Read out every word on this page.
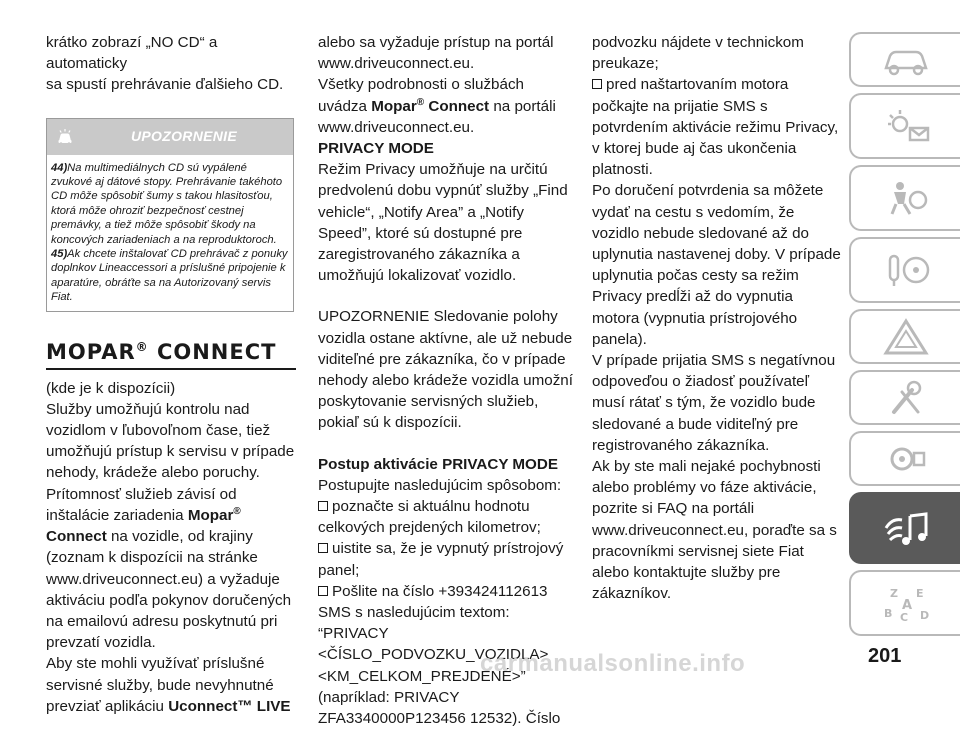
krátko zobrazí „NO CD“ a automaticky

sa spustí prehrávanie ďalšieho CD.

UPOZORNENIE

44)Na multimediálnych CD sú vypálené zvukové aj dátové stopy. Prehrávanie takéhoto CD môže spôsobiť šumy s takou hlasitosťou, ktorá môže ohroziť bezpečnosť cestnej premávky, a tiež môže spôsobiť škody na koncových zariadeniach a na reproduktoroch.

45)Ak chcete inštalovať CD prehrávač z ponuky doplnkov Lineaccessori a príslušné pripojenie k aparatúre, obráťte sa na Autorizovaný servis Fiat.

MOPAR® CONNECT

(kde je k dispozícii)

Služby umožňujú kontrolu nad vozidlom v ľubovoľnom čase, tiež umožňujú prístup k servisu v prípade nehody, krádeže alebo poruchy. Prítomnosť služieb závisí od inštalácie zariadenia Mopar® Connect na vozidle, od krajiny (zoznam k dispozícii na stránke www.driveuconnect.eu) a vyžaduje aktiváciu podľa pokynov doručených na emailovú adresu poskytnutú pri prevzatí vozidla.

Aby ste mohli využívať príslušné servisné služby, bude nevyhnutné prevziať aplikáciu Uconnect™ LIVE

alebo sa vyžaduje prístup na portál www.driveuconnect.eu.

Všetky podrobnosti o službách uvádza Mopar® Connect na portáli www.driveuconnect.eu.

PRIVACY MODE

Režim Privacy umožňuje na určitú predvolenú dobu vypnúť služby „Find vehicle“, „Notify Area” a „Notify Speed”, ktoré sú dostupné pre zaregistrovaného zákazníka a umožňujú lokalizovať vozidlo.

UPOZORNENIE Sledovanie polohy vozidla ostane aktívne, ale už nebude viditeľné pre zákazníka, čo v prípade nehody alebo krádeže vozidla umožní poskytovanie servisných služieb, pokiaľ sú k dispozícii.

Postup aktivácie PRIVACY MODE

Postupujte nasledujúcim spôsobom:

poznačte si aktuálnu hodnotu celkových prejdených kilometrov;

uistite sa, že je vypnutý prístrojový panel;

Pošlite na číslo +393424112613 SMS s nasledujúcim textom: “PRIVACY <ČÍSLO_PODVOZKU_VOZIDLA> <KM_CELKOM_PREJDENÉ>” (napríklad: PRIVACY ZFA3340000P123456 12532). Číslo

podvozku nájdete v technickom preukaze;

pred naštartovaním motora počkajte na prijatie SMS s potvrdením aktivácie režimu Privacy, v ktorej bude aj čas ukončenia platnosti.

Po doručení potvrdenia sa môžete vydať na cestu s vedomím, že vozidlo nebude sledované až do uplynutia nastavenej doby. V prípade uplynutia počas cesty sa režim Privacy predĺži až do vypnutia motora (vypnutia prístrojového panela).

V prípade prijatia SMS s negatívnou odpoveďou o žiadosť používateľ musí rátať s tým, že vozidlo bude sledované a bude viditeľný pre registrovaného zákazníka.

Ak by ste mali nejaké pochybnosti alebo problémy vo fáze aktivácie, pozrite si FAQ na portáli www.driveuconnect.eu, poraďte sa s pracovníkmi servisnej siete Fiat alebo kontaktujte služby pre zákazníkov.	Z E
A
B C D
carmanualsonline.info	201
